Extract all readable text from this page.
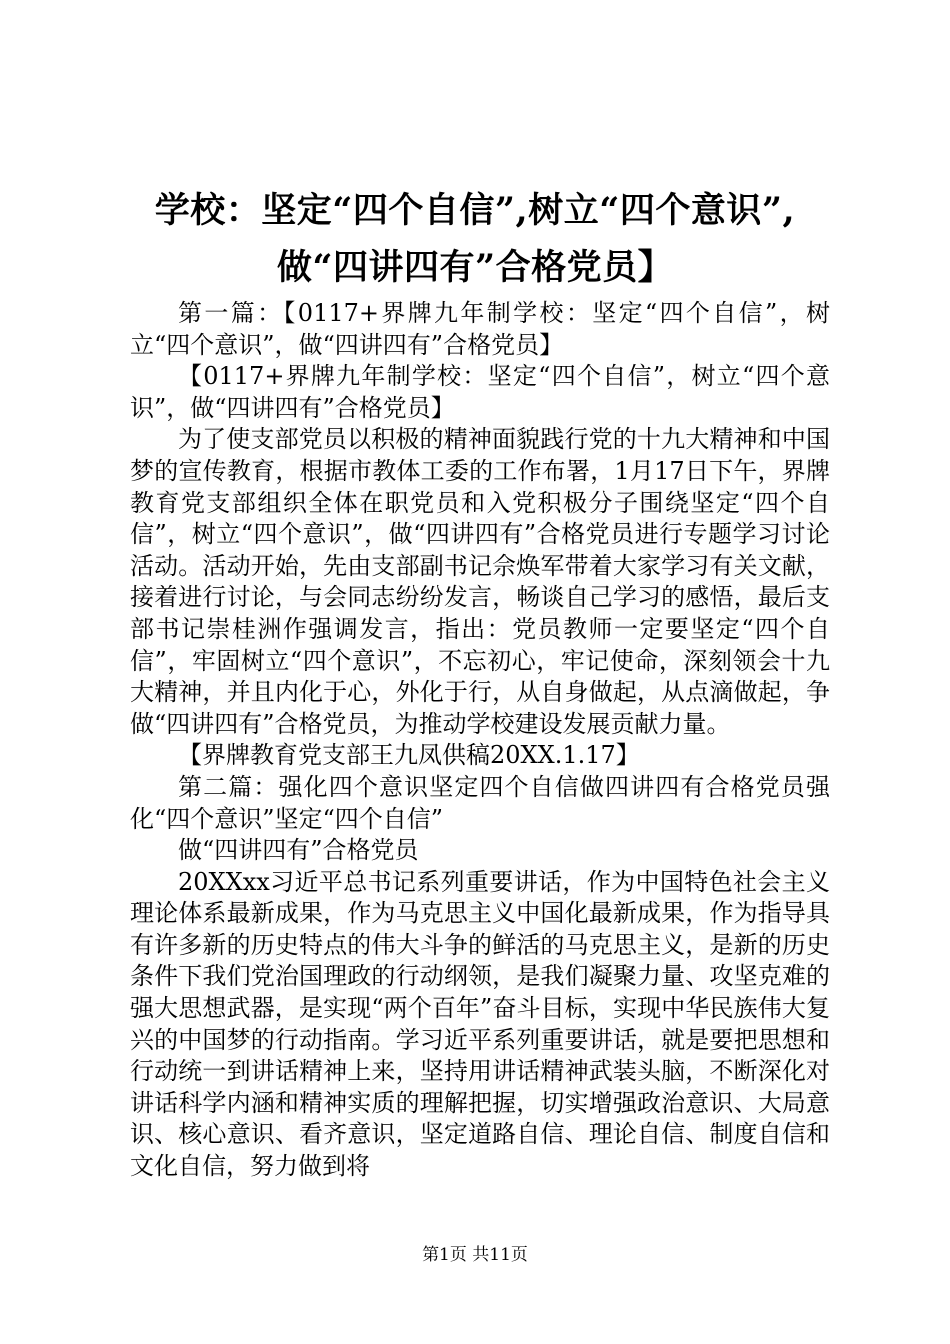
学校：坚定“四个自信”,树立“四个意识”,
做“四讲四有”合格党员】

第一篇：【0117+界牌九年制学校：坚定“四个自信”，树立“四个意识”，做“四讲四有”合格党员】

【0117+界牌九年制学校：坚定“四个自信”，树立“四个意识”，做“四讲四有”合格党员】

为了使支部党员以积极的精神面貌践行党的十九大精神和中国梦的宣传教育，根据市教体工委的工作布署，1月17日下午，界牌教育党支部组织全体在职党员和入党积极分子围绕坚定“四个自信”，树立“四个意识”，做“四讲四有”合格党员进行专题学习讨论活动。活动开始，先由支部副书记佘焕军带着大家学习有关文献，接着进行讨论，与会同志纷纷发言，畅谈自己学习的感悟，最后支部书记崇桂洲作强调发言，指出：党员教师一定要坚定“四个自信”，牢固树立“四个意识”，不忘初心，牢记使命，深刻领会十九大精神，并且内化于心，外化于行，从自身做起，从点滴做起，争做“四讲四有”合格党员，为推动学校建设发展贡献力量。

【界牌教育党支部王九凤供稿20XX.1.17】

第二篇：强化四个意识坚定四个自信做四讲四有合格党员强化“四个意识”坚定“四个自信”

做“四讲四有”合格党员

20XXxx习近平总书记系列重要讲话，作为中国特色社会主义理论体系最新成果，作为马克思主义中国化最新成果，作为指导具有许多新的历史特点的伟大斗争的鲜活的马克思主义，是新的历史条件下我们党治国理政的行动纲领，是我们凝聚力量、攻坚克难的强大思想武器，是实现“两个百年”奋斗目标，实现中华民族伟大复兴的中国梦的行动指南。学习近平系列重要讲话，就是要把思想和行动统一到讲话精神上来，坚持用讲话精神武装头脑，不断深化对讲话科学内涵和精神实质的理解把握，切实增强政治意识、大局意识、核心意识、看齐意识，坚定道路自信、理论自信、制度自信和文化自信，努力做到将

第1页 共11页
